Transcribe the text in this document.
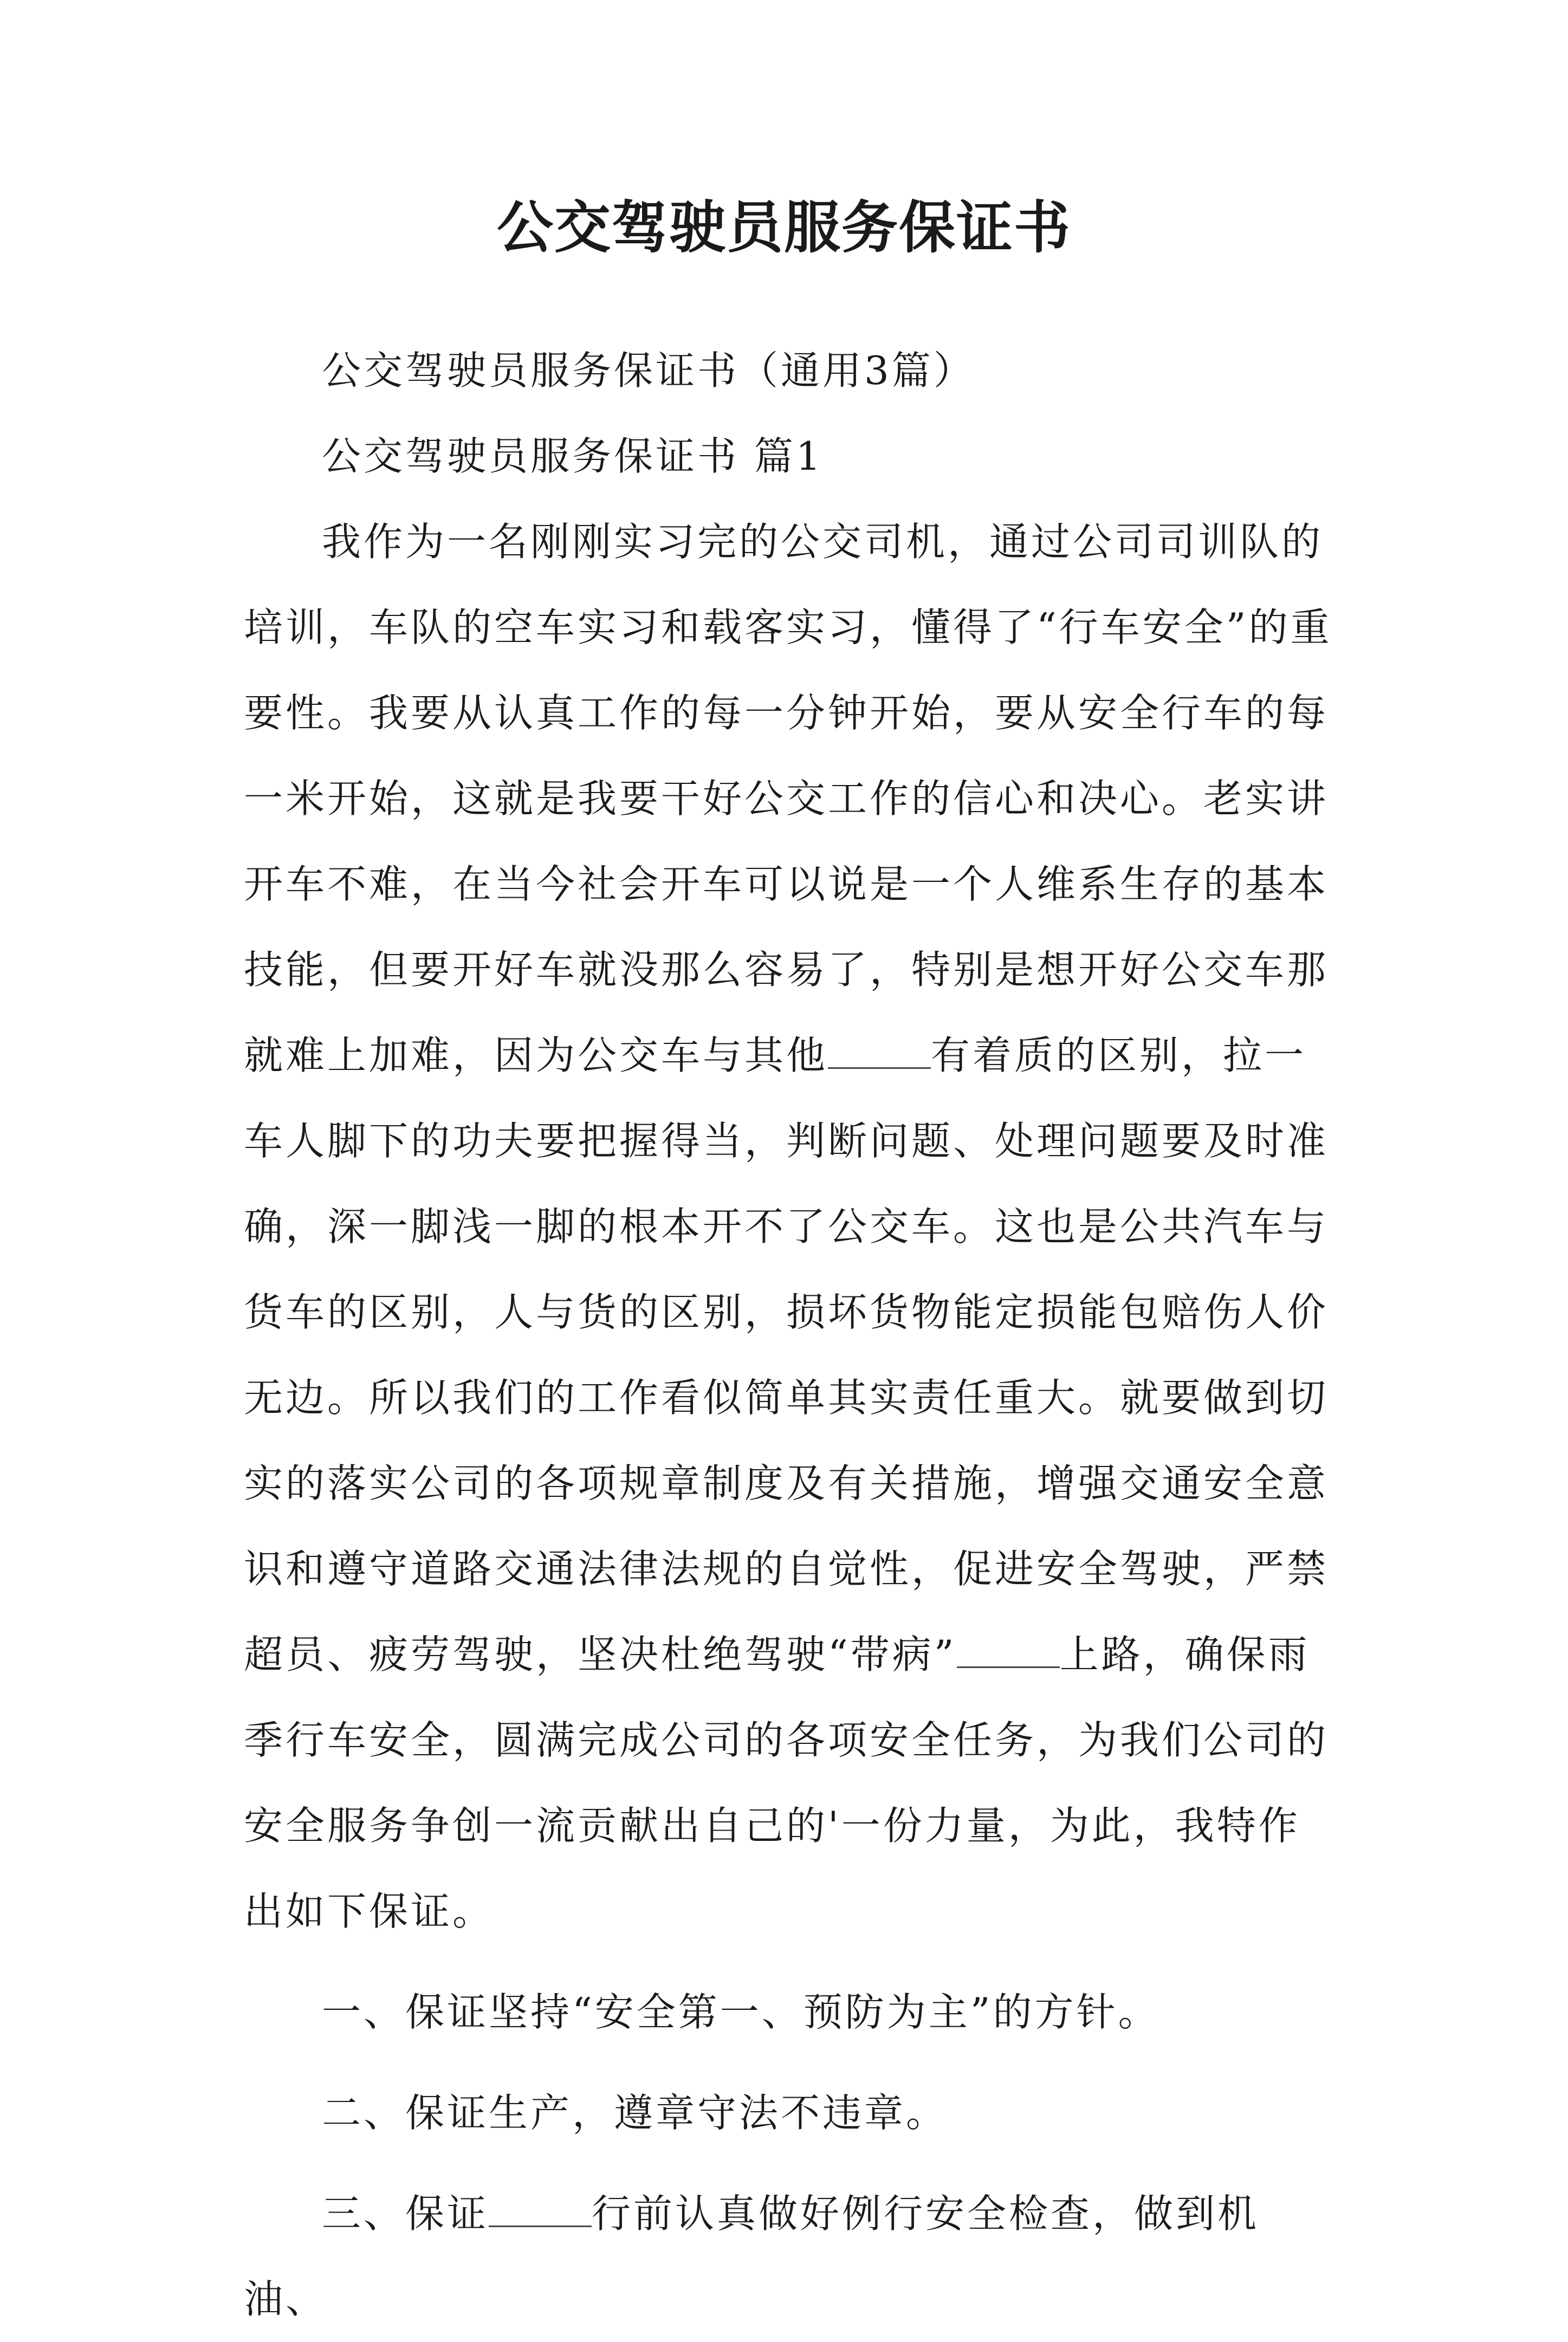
公交驾驶员服务保证书

公交驾驶员服务保证书（通用3篇）

公交驾驶员服务保证书 篇1

我作为一名刚刚实习完的公交司机，通过公司司训队的培训，车队的空车实习和载客实习，懂得了“行车安全”的重要性。我要从认真工作的每一分钟开始，要从安全行车的每一米开始，这就是我要干好公交工作的信心和决心。老实讲开车不难，在当今社会开车可以说是一个人维系生存的基本技能，但要开好车就没那么容易了，特别是想开好公交车那就难上加难，因为公交车与其他	有着质的区别，拉一车人脚下的功夫要把握得当，判断问题、处理问题要及时准确，深一脚浅一脚的根本开不了公交车。这也是公共汽车与货车的区别，人与货的区别，损坏货物能定损能包赔伤人价无边。所以我们的工作看似简单其实责任重大。就要做到切实的落实公司的各项规章制度及有关措施，增强交通安全意识和遵守道路交通法律法规的自觉性，促进安全驾驶，严禁超员、疲劳驾驶，坚决杜绝驾驶“带病”	上路，确保雨季行车安全，圆满完成公司的各项安全任务，为我们公司的安全服务争创一流贡献出自己的'一份力量，为此，我特作出如下保证。

一、保证坚持“安全第一、预防为主”的方针。

二、保证生产，遵章守法不违章。

三、保证	行前认真做好例行安全检查，做到机油、
